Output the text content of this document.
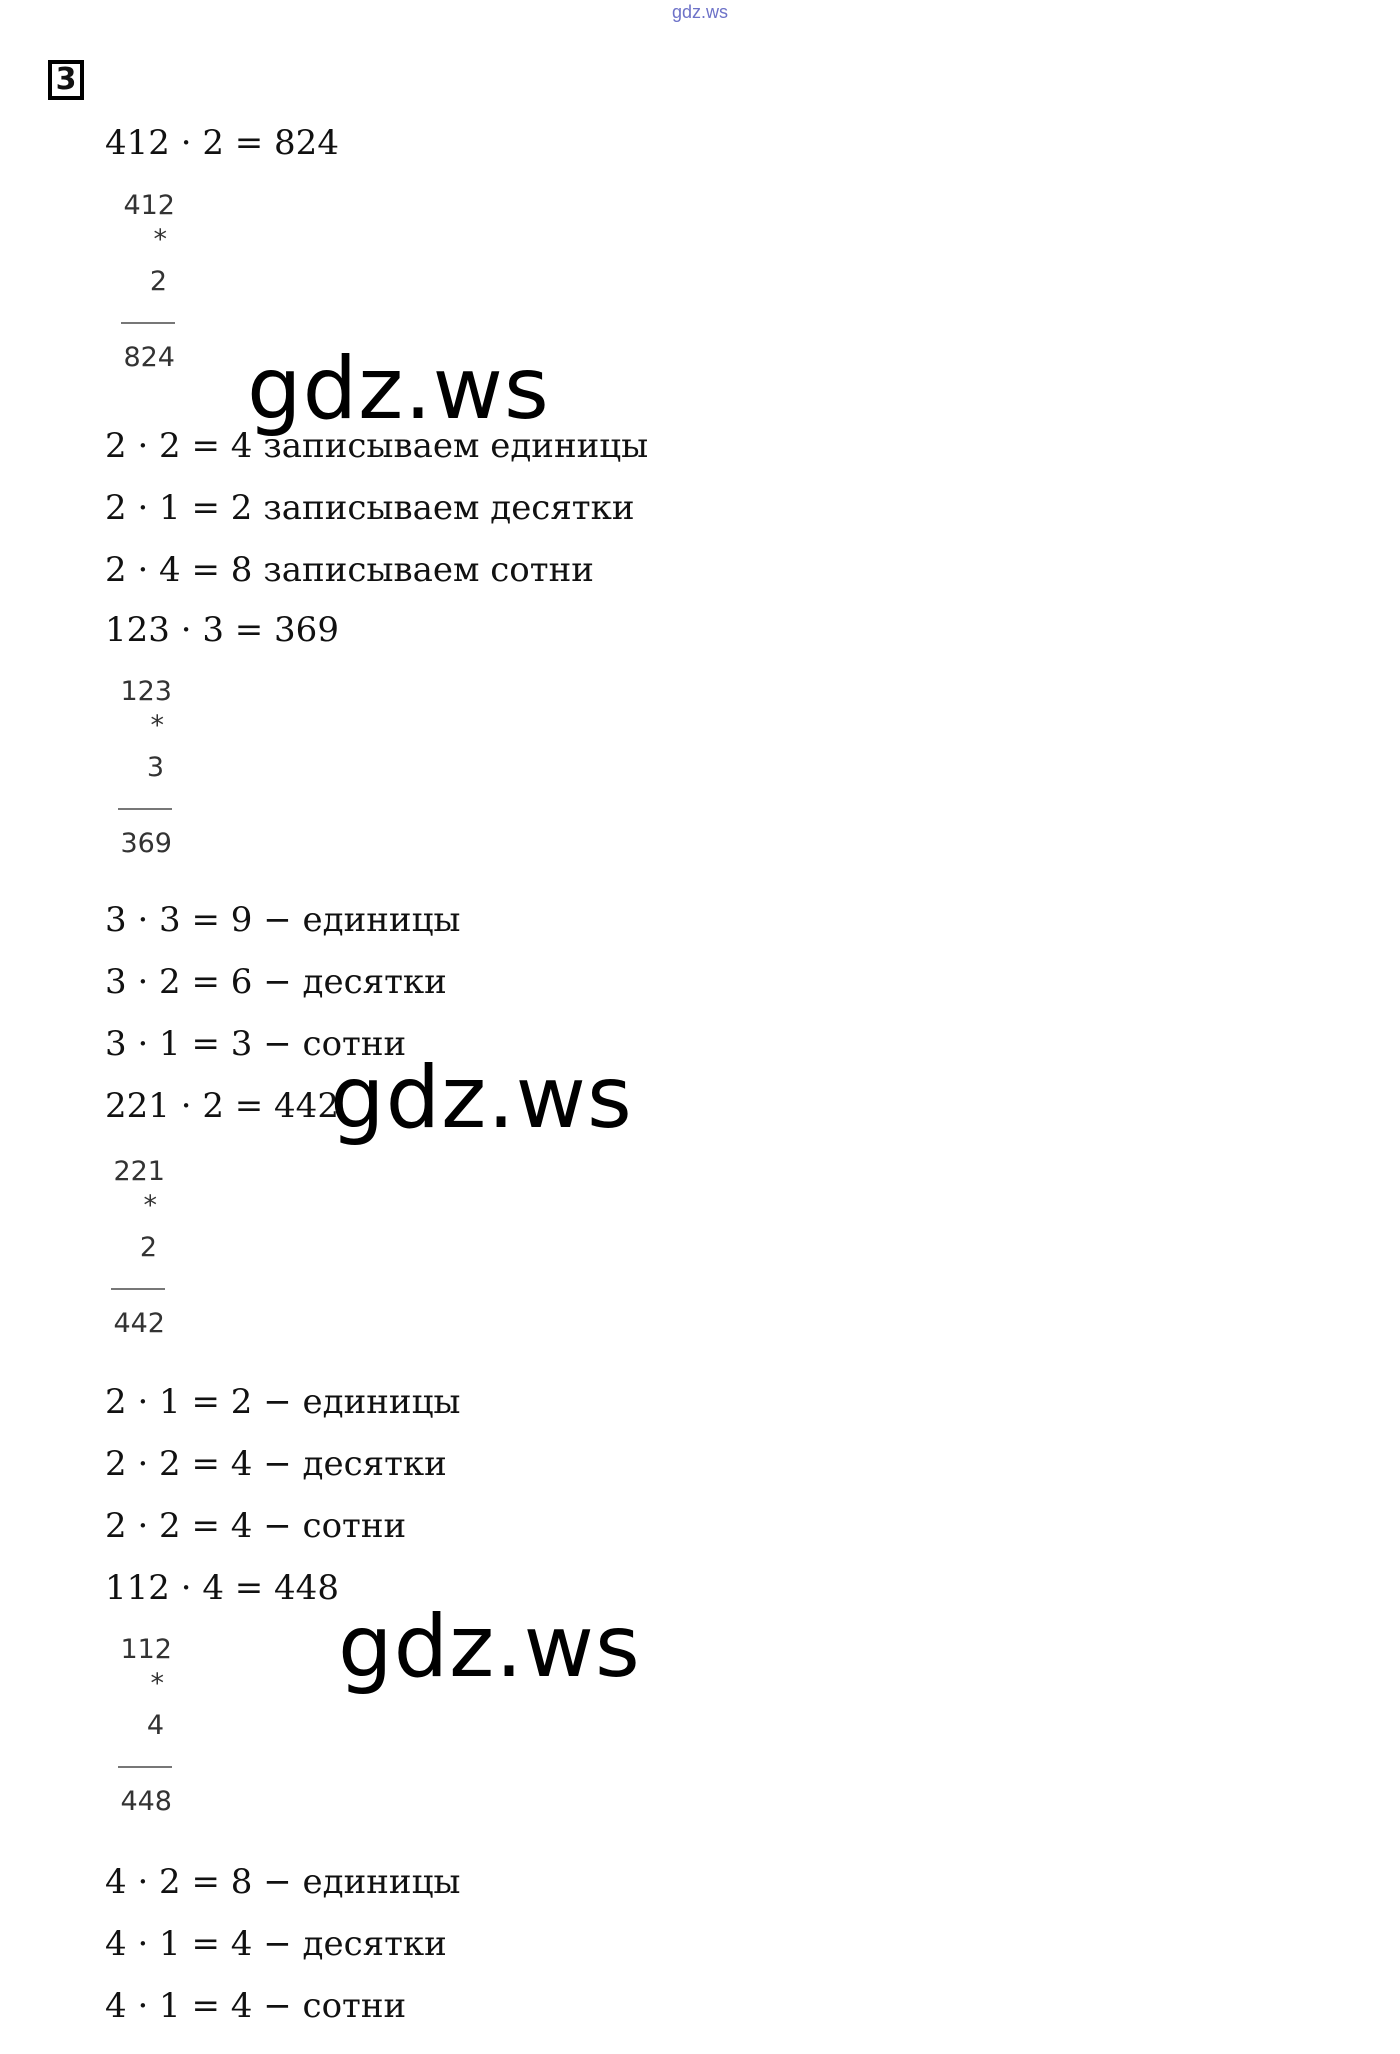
gdz.ws
3
412 · 2 = 824
412
*
2
824
2 · 2 = 4 записываем единицы
2 · 1 = 2 записываем десятки
2 · 4 = 8 записываем сотни
123 · 3 = 369
123
*
3
369
3 · 3 = 9 − единицы
3 · 2 = 6 − десятки
3 · 1 = 3 − сотни
221 · 2 = 442
221
*
2
442
2 · 1 = 2 − единицы
2 · 2 = 4 − десятки
2 · 2 = 4 − сотни
112 · 4 = 448
112
*
4
448
4 · 2 = 8 − единицы
4 · 1 = 4 − десятки
4 · 1 = 4 − сотни
gdz.ws
gdz.ws
gdz.ws
